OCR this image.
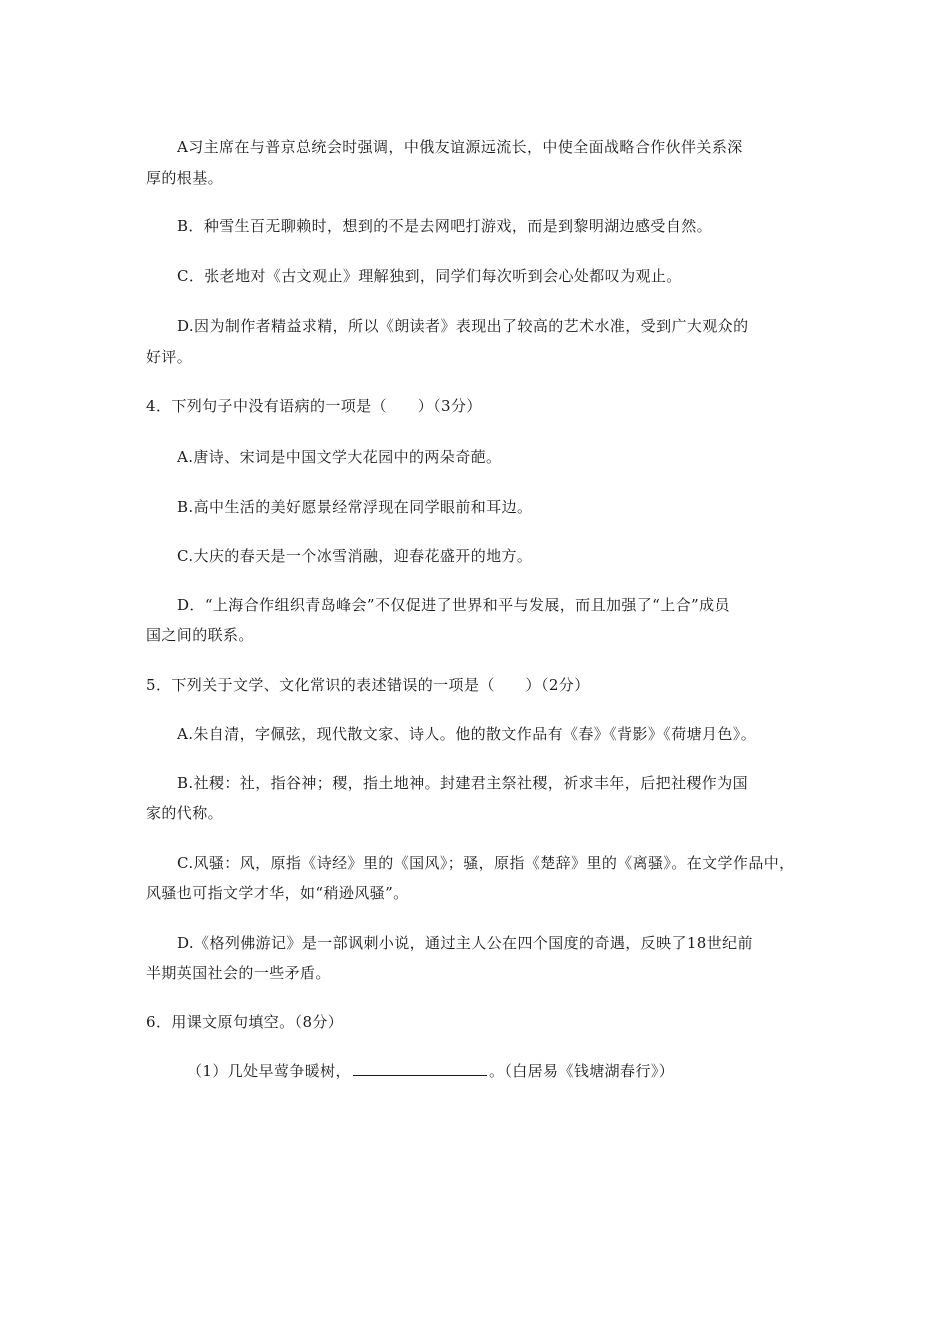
A习主席在与普京总统会时强调，中俄友谊源远流长，中使全面战略合作伙伴关系深
厚的根基。
B．种雪生百无聊赖时，想到的不是去网吧打游戏，而是到黎明湖边感受自然。
C．张老地对《古文观止》理解独到，同学们每次听到会心处都叹为观止。
D.因为制作者精益求精，所以《朗读者》表现出了较高的艺术水准，受到广大观众的
好评。
4．下列句子中没有语病的一项是（　　）（3分）
A.唐诗、宋词是中国文学大花园中的两朵奇葩。
B.高中生活的美好愿景经常浮现在同学眼前和耳边。
C.大庆的春天是一个冰雪消融，迎春花盛开的地方。
D．“上海合作组织青岛峰会”不仅促进了世界和平与发展，而且加强了“上合”成员
国之间的联系。
5．下列关于文学、文化常识的表述错误的一项是（　　）（2分）
A.朱自清，字佩弦，现代散文家、诗人。他的散文作品有《春》《背影》《荷塘月色》。
B.社稷：社，指谷神；稷，指土地神。封建君主祭社稷，祈求丰年，后把社稷作为国
家的代称。
C.风骚：风，原指《诗经》里的《国风》；骚，原指《楚辞》里的《离骚》。在文学作品中，
风骚也可指文学才华，如“稍逊风骚”。
D.《格列佛游记》是一部讽刺小说，通过主人公在四个国度的奇遇，反映了18世纪前
半期英国社会的一些矛盾。
6．用课文原句填空。（8分）
（1）几处早莺争暖树，	。（白居易《钱塘湖春行》）
